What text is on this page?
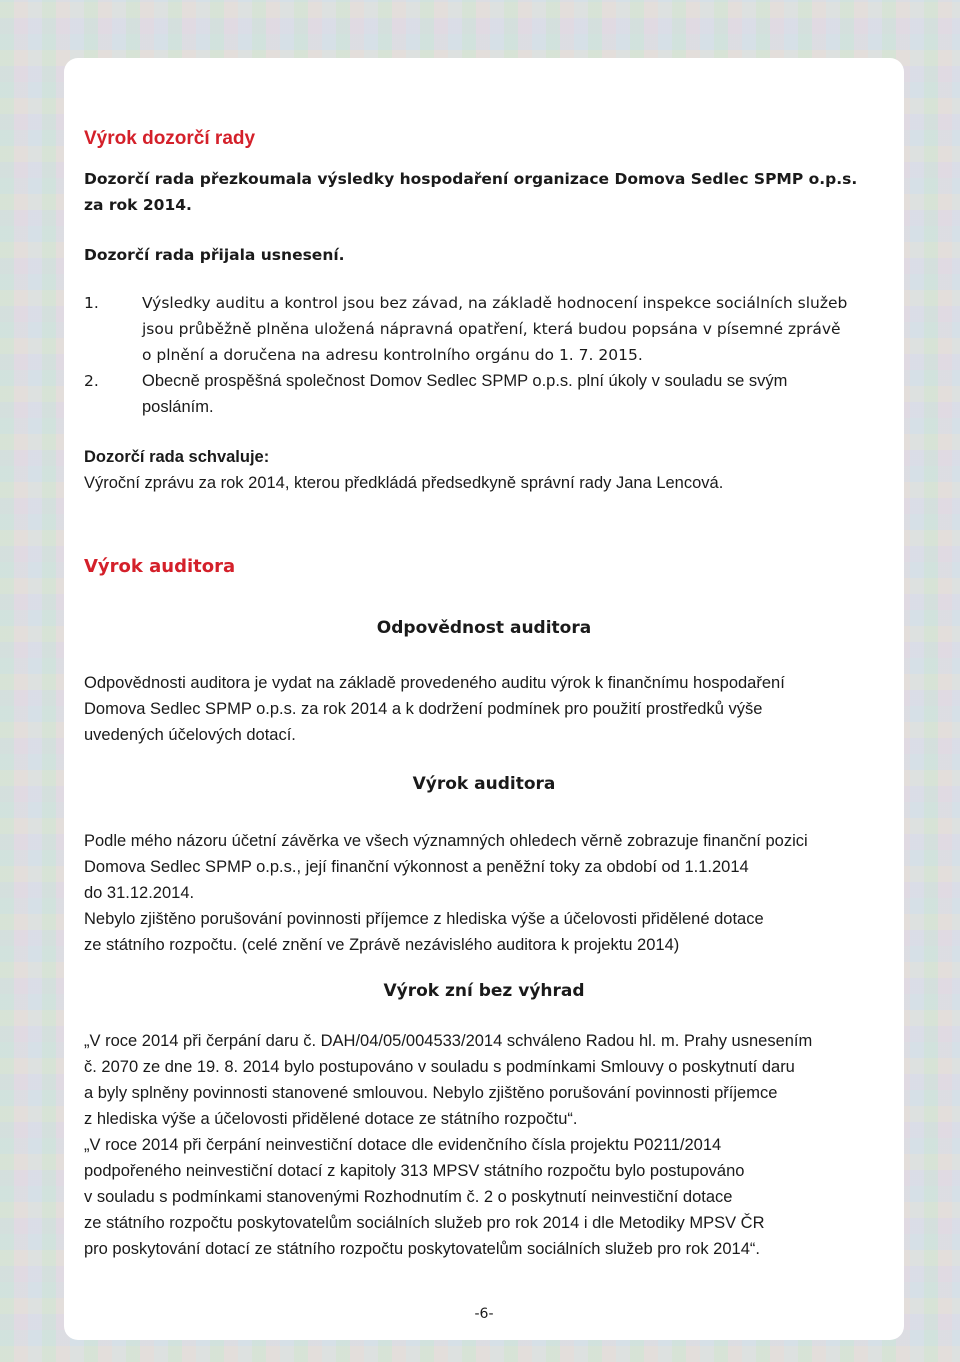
Výrok dozorčí rady
Dozorčí rada přezkoumala výsledky hospodaření organizace Domova Sedlec SPMP o.p.s.
za rok 2014.

Dozorčí rada přijala usnesení.

1.	Výsledky auditu a kontrol jsou bez závad, na základě hodnocení inspekce sociálních služeb
jsou průběžně plněna uložená nápravná opatření, která budou popsána v písemné zprávě
o plnění a doručena na adresu kontrolního orgánu do 1. 7. 2015.
2.	Obecně prospěšná společnost Domov Sedlec SPMP o.p.s. plní úkoly v souladu se svým
posláním.
Dozorčí rada schvaluje:
Výroční zprávu za rok 2014, kterou předkládá předsedkyně správní rady Jana Lencová.
Výrok auditora
Odpovědnost auditora
Odpovědnosti auditora je vydat na základě provedeného auditu výrok k finančnímu hospodaření
Domova Sedlec SPMP o.p.s. za rok 2014 a k dodržení podmínek pro použití prostředků výše
uvedených účelových dotací.
Výrok auditora
Podle mého názoru účetní závěrka ve všech významných ohledech věrně zobrazuje finanční pozici
Domova Sedlec SPMP o.p.s., její finanční výkonnost a peněžní toky za období od 1.1.2014
do 31.12.2014.
Nebylo zjištěno porušování povinnosti příjemce z hlediska výše a účelovosti přidělené dotace
ze státního rozpočtu. (celé znění ve Zprávě nezávislého auditora k projektu 2014)
Výrok zní bez výhrad
„V roce 2014 při čerpání daru č. DAH/04/05/004533/2014 schváleno Radou hl. m. Prahy usnesením
č. 2070 ze dne 19. 8. 2014 bylo postupováno v souladu s podmínkami Smlouvy o poskytnutí daru
a byly splněny povinnosti stanovené smlouvou. Nebylo zjištěno porušování povinnosti příjemce
z hlediska výše a účelovosti přidělené dotace ze státního rozpočtu“.
„V roce 2014 při čerpání neinvestiční dotace dle evidenčního čísla projektu P0211/2014
podpořeného neinvestiční dotací z kapitoly 313 MPSV státního rozpočtu bylo postupováno
v souladu s podmínkami stanovenými Rozhodnutím č. 2 o poskytnutí neinvestiční dotace
ze státního rozpočtu poskytovatelům sociálních služeb pro rok 2014 i dle Metodiky MPSV ČR
pro poskytování dotací ze státního rozpočtu poskytovatelům sociálních služeb pro rok 2014“.

-6-
